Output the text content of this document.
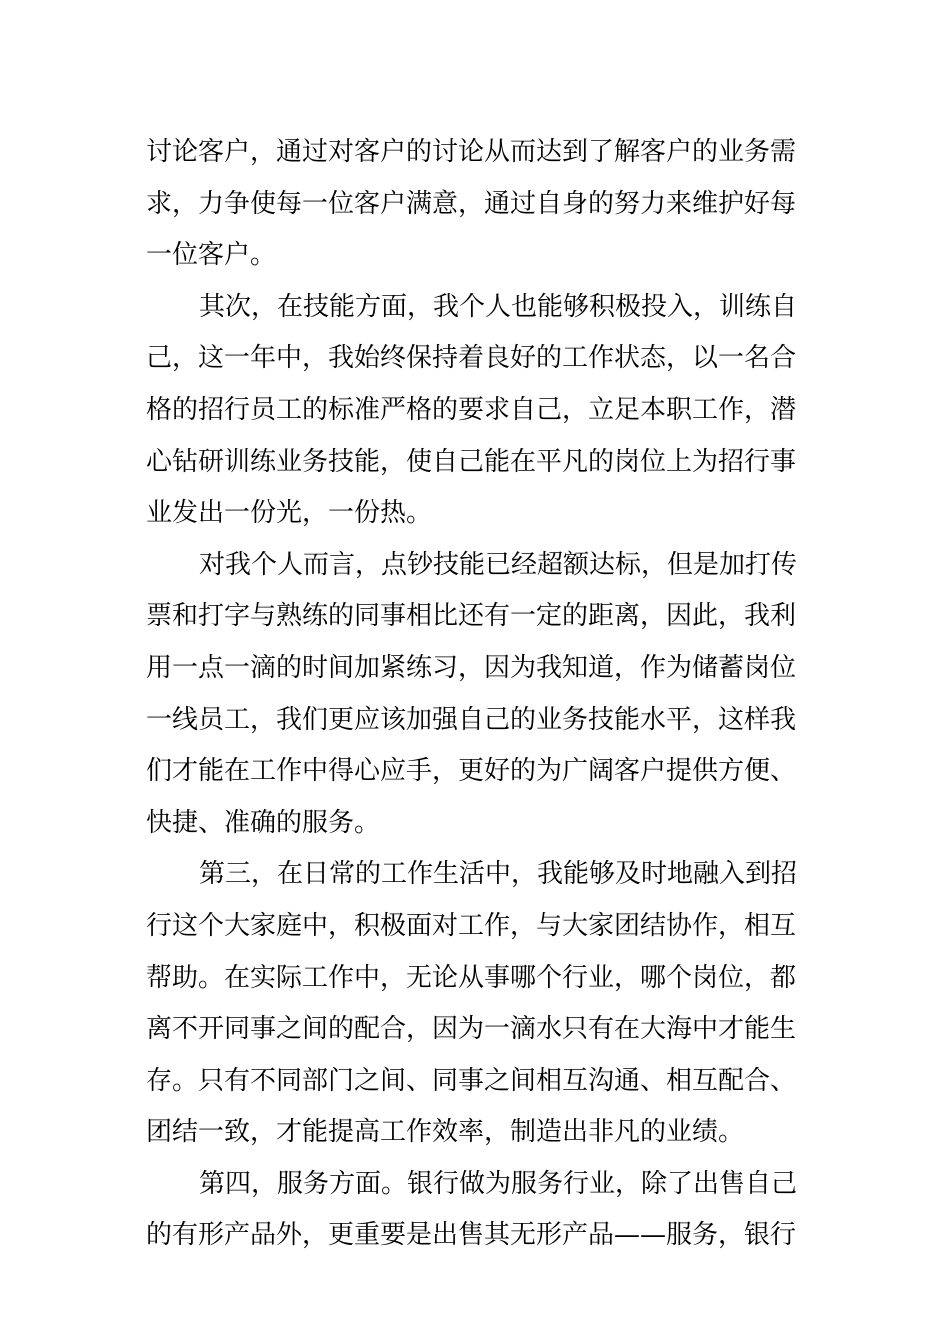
讨论客户，通过对客户的讨论从而达到了解客户的业务需
求，力争使每一位客户满意，通过自身的努力来维护好每
一位客户。
其次，在技能方面，我个人也能够积极投入，训练自
己，这一年中，我始终保持着良好的工作状态，以一名合
格的招行员工的标准严格的要求自己，立足本职工作，潜
心钻研训练业务技能，使自己能在平凡的岗位上为招行事
业发出一份光，一份热。
对我个人而言，点钞技能已经超额达标，但是加打传
票和打字与熟练的同事相比还有一定的距离，因此，我利
用一点一滴的时间加紧练习，因为我知道，作为储蓄岗位
一线员工，我们更应该加强自己的业务技能水平，这样我
们才能在工作中得心应手，更好的为广阔客户提供方便、
快捷、准确的服务。
第三，在日常的工作生活中，我能够及时地融入到招
行这个大家庭中，积极面对工作，与大家团结协作，相互
帮助。在实际工作中，无论从事哪个行业，哪个岗位，都
离不开同事之间的配合，因为一滴水只有在大海中才能生
存。只有不同部门之间、同事之间相互沟通、相互配合、
团结一致，才能提高工作效率，制造出非凡的业绩。
第四，服务方面。银行做为服务行业，除了出售自己
的有形产品外，更重要是出售其无形产品——服务，银行
